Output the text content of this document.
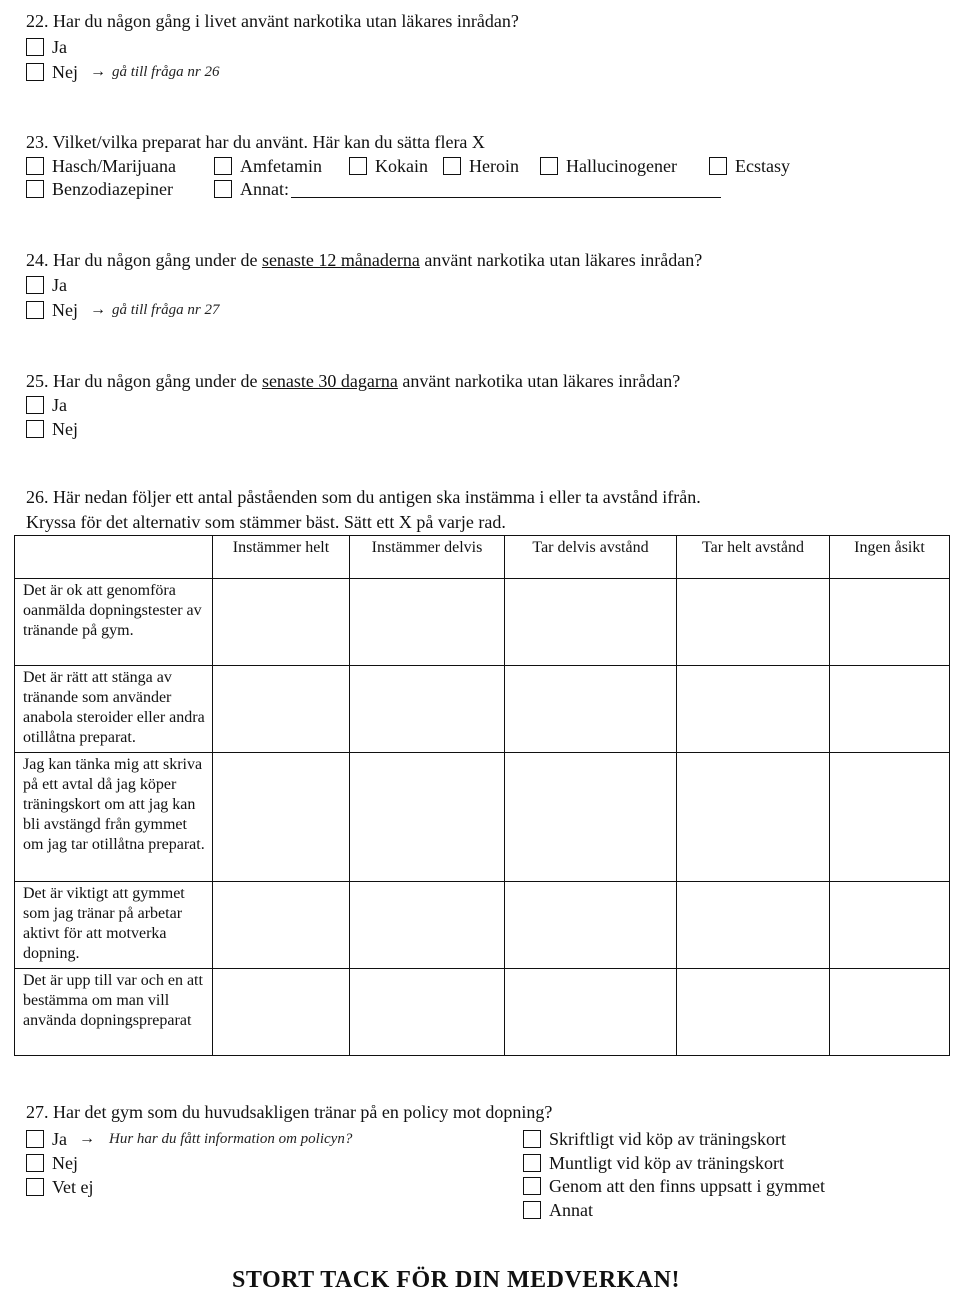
22. Har du någon gång i livet använt narkotika utan läkares inrådan?
Ja
Nej → gå till fråga nr 26
23. Vilket/vilka preparat har du använt. Här kan du sätta flera X
Hasch/Marijuana	Amfetamin	Kokain Heroin	Hallucinogener	Ecstasy
Benzodiazepiner	Annat:
24. Har du någon gång under de senaste 12 månaderna använt narkotika utan läkares inrådan?
Ja
Nej → gå till fråga nr 27
25. Har du någon gång under de senaste 30 dagarna använt narkotika utan läkares inrådan?
Ja
Nej
26. Här nedan följer ett antal påståenden som du antigen ska instämma i eller ta avstånd ifrån.
Kryssa för det alternativ som stämmer bäst. Sätt ett X på varje rad.
	Instämmer helt	Instämmer delvis	Tar delvis avstånd	Tar helt avstånd	Ingen åsikt
Det är ok att genomföra oanmälda dopningstester av tränande på gym.					
Det är rätt att stänga av tränande som använder anabola steroider eller andra otillåtna preparat.					
Jag kan tänka mig att skriva på ett avtal då jag köper träningskort om att jag kan bli avstängd från gymmet om jag tar otillåtna preparat.					
Det är viktigt att gymmet som jag tränar på arbetar aktivt för att motverka dopning.					
Det är upp till var och en att bestämma om man vill använda dopningspreparat					
27. Har det gym som du huvudsakligen tränar på en policy mot dopning?
Ja → Hur har du fått information om policyn?
Nej
Vet ej
Skriftligt vid köp av träningskort
Muntligt vid köp av träningskort
Genom att den finns uppsatt i gymmet
Annat
STORT TACK FÖR DIN MEDVERKAN!
